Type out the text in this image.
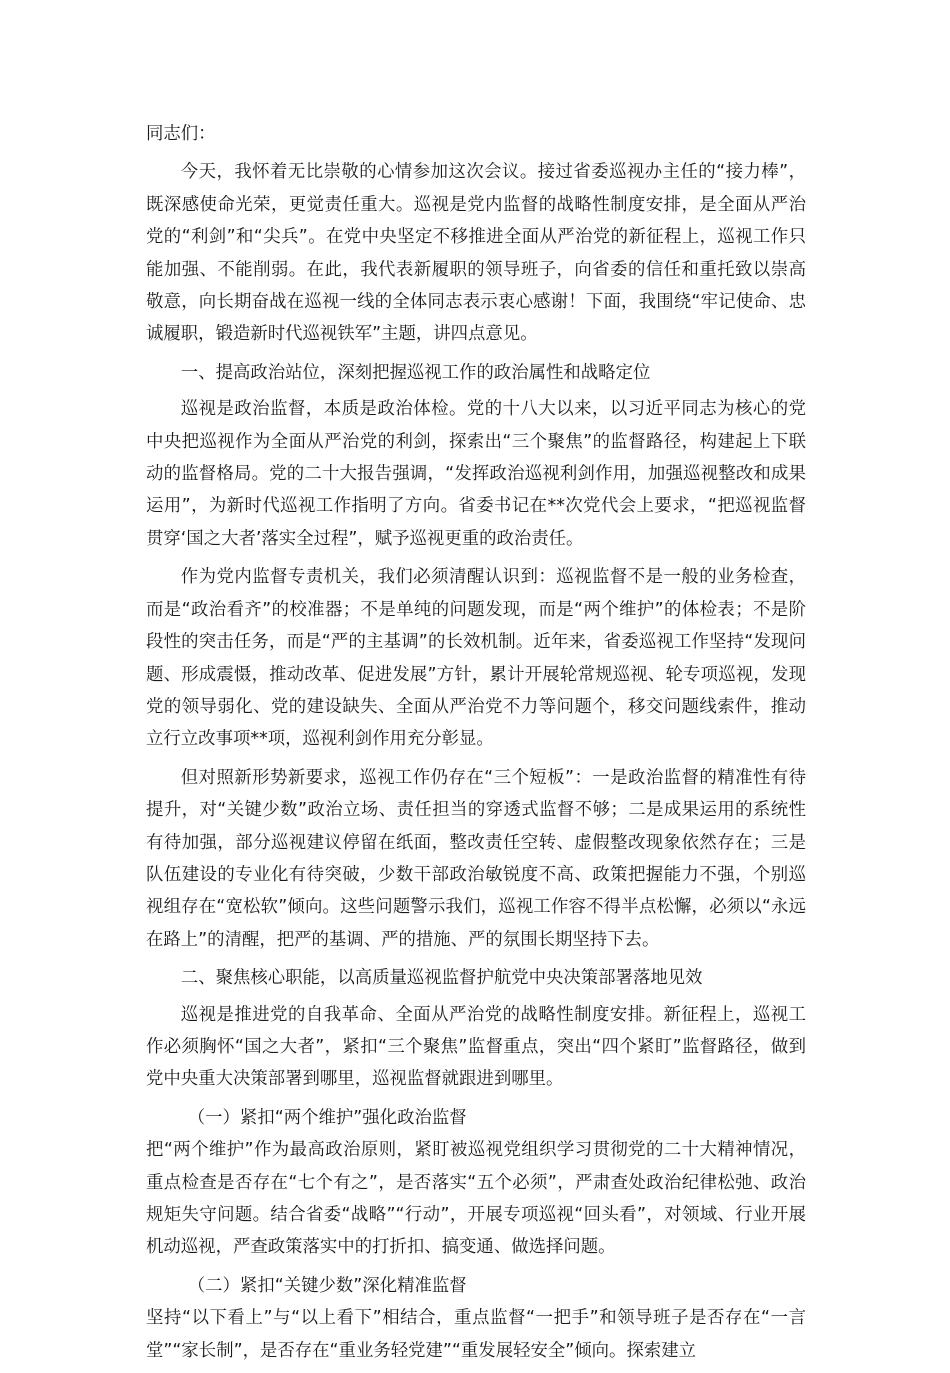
同志们：

今天，我怀着无比崇敬的心情参加这次会议。接过省委巡视办主任的“接力棒”，既深感使命光荣，更觉责任重大。巡视是党内监督的战略性制度安排，是全面从严治党的“利剑”和“尖兵”。在党中央坚定不移推进全面从严治党的新征程上，巡视工作只能加强、不能削弱。在此，我代表新履职的领导班子，向省委的信任和重托致以崇高敬意，向长期奋战在巡视一线的全体同志表示衷心感谢！下面，我围绕“牢记使命、忠诚履职，锻造新时代巡视铁军”主题，讲四点意见。

一、提高政治站位，深刻把握巡视工作的政治属性和战略定位

巡视是政治监督，本质是政治体检。党的十八大以来，以习近平同志为核心的党中央把巡视作为全面从严治党的利剑，探索出“三个聚焦”的监督路径，构建起上下联动的监督格局。党的二十大报告强调，“发挥政治巡视利剑作用，加强巡视整改和成果运用”，为新时代巡视工作指明了方向。省委书记在**次党代会上要求，“把巡视监督贯穿‘国之大者’落实全过程”，赋予巡视更重的政治责任。

作为党内监督专责机关，我们必须清醒认识到：巡视监督不是一般的业务检查，而是“政治看齐”的校准器；不是单纯的问题发现，而是“两个维护”的体检表；不是阶段性的突击任务，而是“严的主基调”的长效机制。近年来，省委巡视工作坚持“发现问题、形成震慑，推动改革、促进发展”方针，累计开展轮常规巡视、轮专项巡视，发现党的领导弱化、党的建设缺失、全面从严治党不力等问题个，移交问题线索件，推动立行立改事项**项，巡视利剑作用充分彰显。

但对照新形势新要求，巡视工作仍存在“三个短板”：一是政治监督的精准性有待提升，对“关键少数”政治立场、责任担当的穿透式监督不够；二是成果运用的系统性有待加强，部分巡视建议停留在纸面，整改责任空转、虚假整改现象依然存在；三是队伍建设的专业化有待突破，少数干部政治敏锐度不高、政策把握能力不强，个别巡视组存在“宽松软”倾向。这些问题警示我们，巡视工作容不得半点松懈，必须以“永远在路上”的清醒，把严的基调、严的措施、严的氛围长期坚持下去。

二、聚焦核心职能，以高质量巡视监督护航党中央决策部署落地见效

巡视是推进党的自我革命、全面从严治党的战略性制度安排。新征程上，巡视工作必须胸怀“国之大者”，紧扣“三个聚焦”监督重点，突出“四个紧盯”监督路径，做到党中央重大决策部署到哪里，巡视监督就跟进到哪里。

（一）紧扣“两个维护”强化政治监督

把“两个维护”作为最高政治原则，紧盯被巡视党组织学习贯彻党的二十大精神情况，重点检查是否存在“七个有之”，是否落实“五个必须”，严肃查处政治纪律松弛、政治规矩失守问题。结合省委“战略”“行动”，开展专项巡视“回头看”，对领域、行业开展机动巡视，严查政策落实中的打折扣、搞变通、做选择问题。

（二）紧扣“关键少数”深化精准监督

坚持“以下看上”与“以上看下”相结合，重点监督“一把手”和领导班子是否存在“一言堂”“家长制”，是否存在“重业务轻党建”“重发展轻安全”倾向。探索建立
